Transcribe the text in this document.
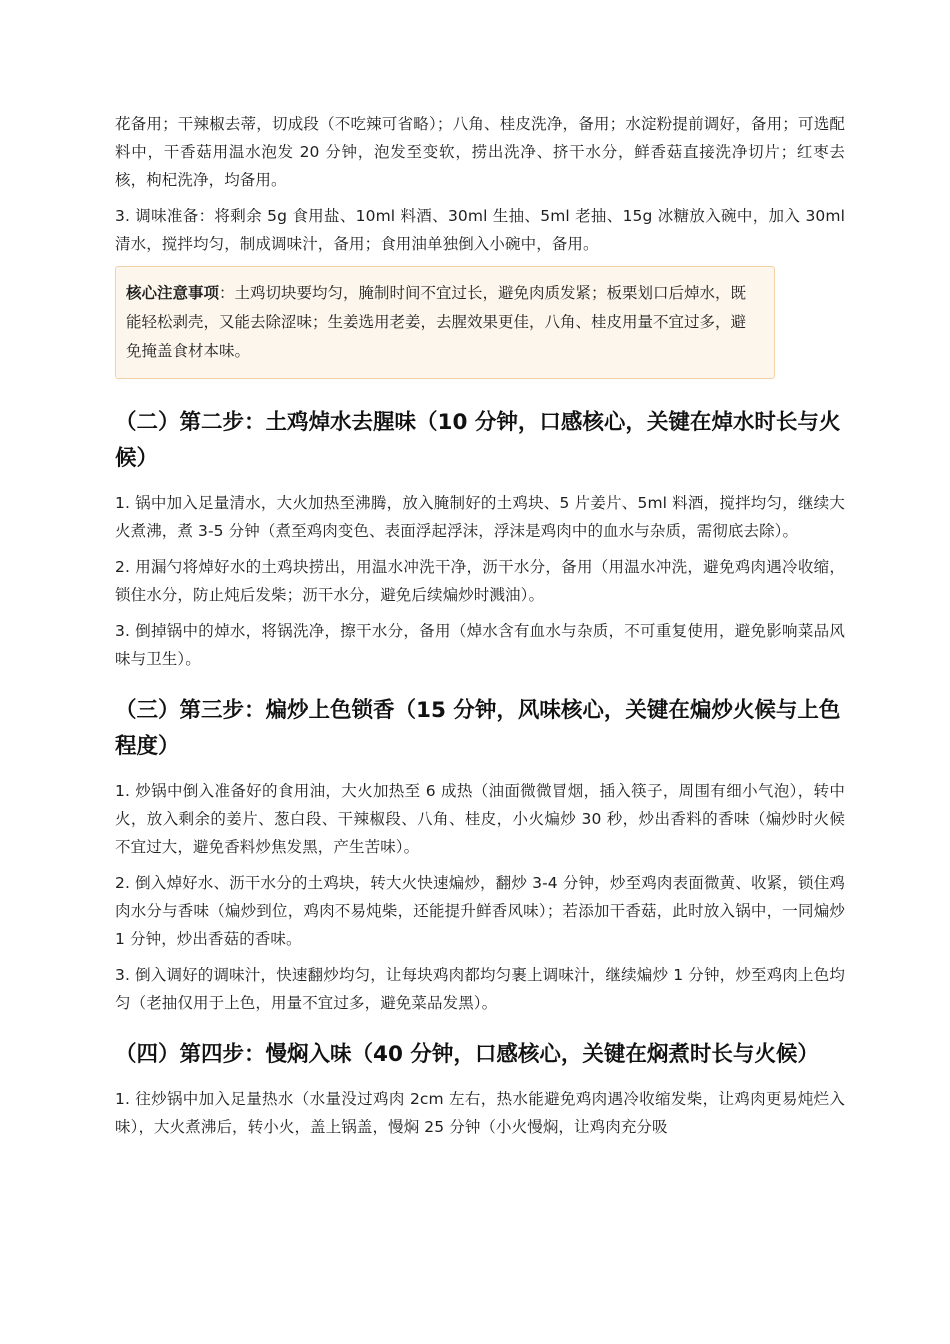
花备用；干辣椒去蒂，切成段（不吃辣可省略）；八角、桂皮洗净，备用；水淀粉提前调好，备用；可选配料中，干香菇用温水泡发 20 分钟，泡发至变软，捞出洗净、挤干水分，鲜香菇直接洗净切片；红枣去核，枸杞洗净，均备用。

3. 调味准备：将剩余 5g 食用盐、10ml 料酒、30ml 生抽、5ml 老抽、15g 冰糖放入碗中，加入 30ml 清水，搅拌均匀，制成调味汁，备用；食用油单独倒入小碗中，备用。

核心注意事项：土鸡切块要均匀，腌制时间不宜过长，避免肉质发紧；板栗划口后焯水，既能轻松剥壳，又能去除涩味；生姜选用老姜，去腥效果更佳，八角、桂皮用量不宜过多，避免掩盖食材本味。
（二）第二步：土鸡焯水去腥味（10 分钟，口感核心，关键在焯水时长与火候）

1. 锅中加入足量清水，大火加热至沸腾，放入腌制好的土鸡块、5 片姜片、5ml 料酒，搅拌均匀，继续大火煮沸，煮 3-5 分钟（煮至鸡肉变色、表面浮起浮沫，浮沫是鸡肉中的血水与杂质，需彻底去除）。

2. 用漏勺将焯好水的土鸡块捞出，用温水冲洗干净，沥干水分，备用（用温水冲洗，避免鸡肉遇冷收缩，锁住水分，防止炖后发柴；沥干水分，避免后续煸炒时溅油）。

3. 倒掉锅中的焯水，将锅洗净，擦干水分，备用（焯水含有血水与杂质，不可重复使用，避免影响菜品风味与卫生）。

（三）第三步：煸炒上色锁香（15 分钟，风味核心，关键在煸炒火候与上色程度）

1. 炒锅中倒入准备好的食用油，大火加热至 6 成热（油面微微冒烟，插入筷子，周围有细小气泡），转中火，放入剩余的姜片、葱白段、干辣椒段、八角、桂皮，小火煸炒 30 秒，炒出香料的香味（煸炒时火候不宜过大，避免香料炒焦发黑，产生苦味）。

2. 倒入焯好水、沥干水分的土鸡块，转大火快速煸炒，翻炒 3-4 分钟，炒至鸡肉表面微黄、收紧，锁住鸡肉水分与香味（煸炒到位，鸡肉不易炖柴，还能提升鲜香风味）；若添加干香菇，此时放入锅中，一同煸炒 1 分钟，炒出香菇的香味。

3. 倒入调好的调味汁，快速翻炒均匀，让每块鸡肉都均匀裹上调味汁，继续煸炒 1 分钟，炒至鸡肉上色均匀（老抽仅用于上色，用量不宜过多，避免菜品发黑）。

（四）第四步：慢焖入味（40 分钟，口感核心，关键在焖煮时长与火候）

1. 往炒锅中加入足量热水（水量没过鸡肉 2cm 左右，热水能避免鸡肉遇冷收缩发柴，让鸡肉更易炖烂入味），大火煮沸后，转小火，盖上锅盖，慢焖 25 分钟（小火慢焖，让鸡肉充分吸
